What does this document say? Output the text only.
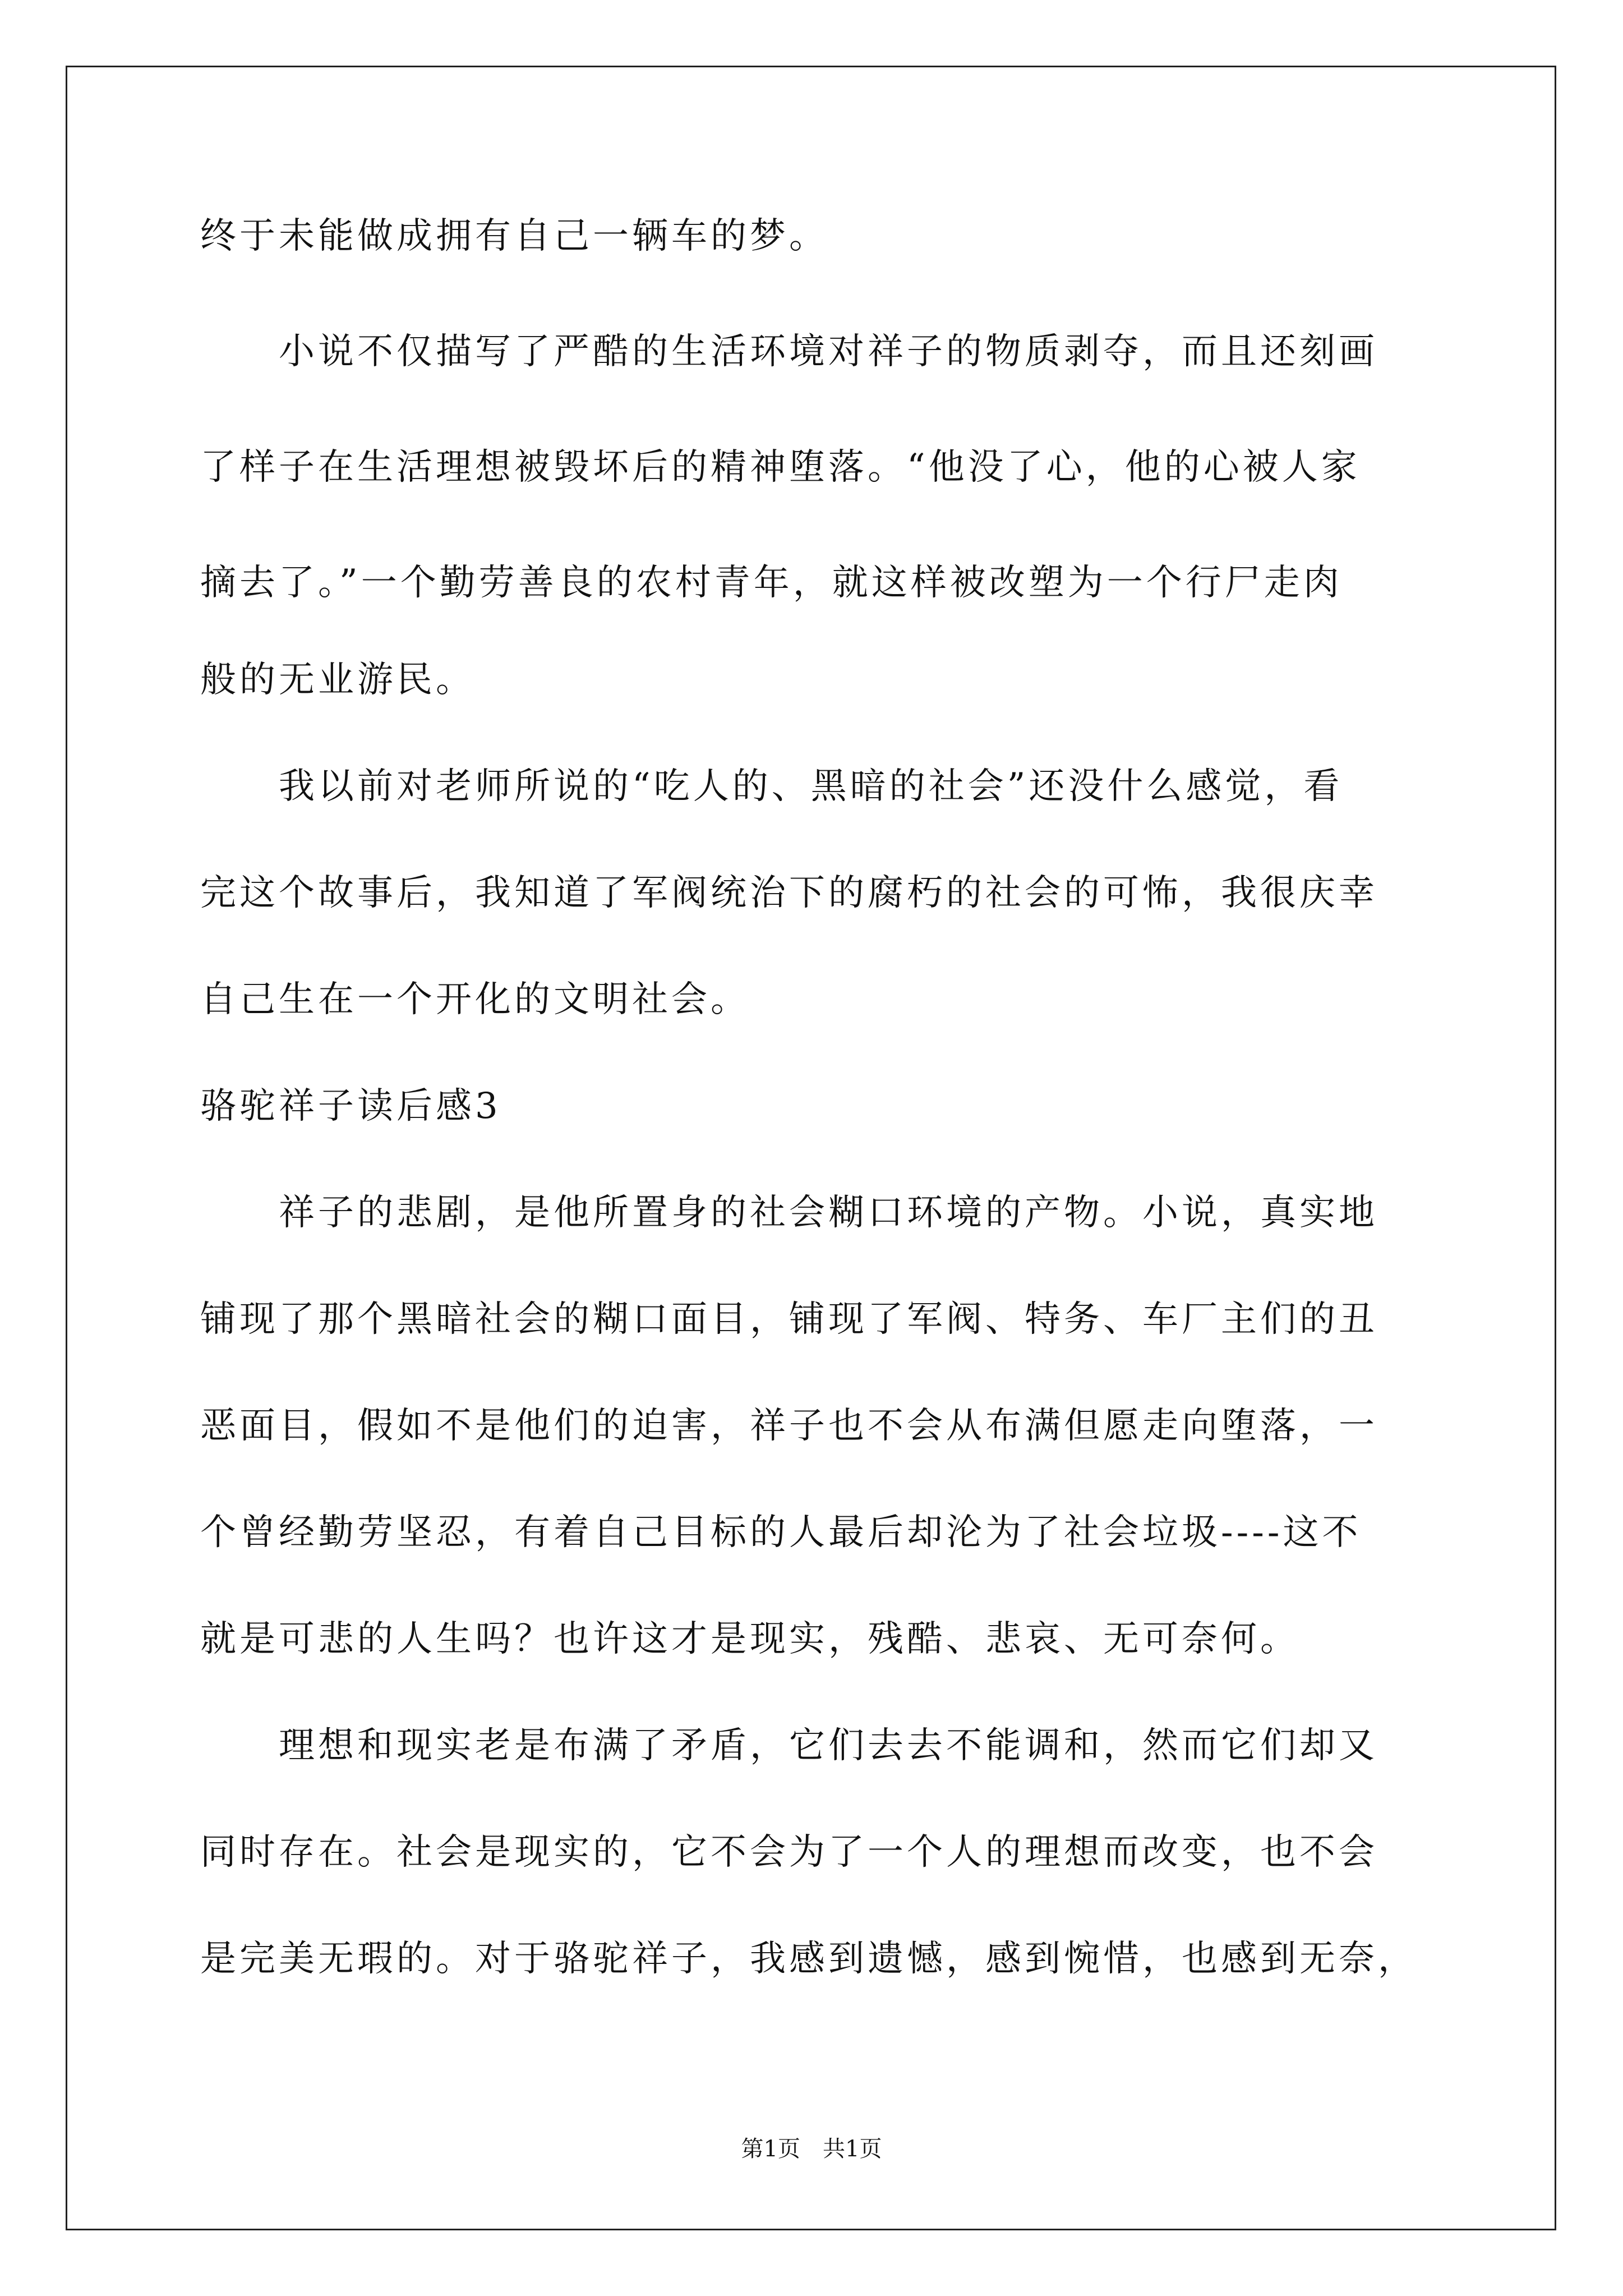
终于未能做成拥有自己一辆车的梦。
　　小说不仅描写了严酷的生活环境对祥子的物质剥夺，而且还刻画
了样子在生活理想被毁坏后的精神堕落。“他没了心，他的心被人家
摘去了。”一个勤劳善良的农村青年，就这样被改塑为一个行尸走肉
般的无业游民。
　　我以前对老师所说的“吃人的、黑暗的社会”还没什么感觉，看
完这个故事后，我知道了军阀统治下的腐朽的社会的可怖，我很庆幸
自己生在一个开化的文明社会。
骆驼祥子读后感3
　　祥子的悲剧，是他所置身的社会糊口环境的产物。小说，真实地
铺现了那个黑暗社会的糊口面目，铺现了军阀、特务、车厂主们的丑
恶面目，假如不是他们的迫害，祥子也不会从布满但愿走向堕落，一
个曾经勤劳坚忍，有着自己目标的人最后却沦为了社会垃圾----这不
就是可悲的人生吗？也许这才是现实，残酷、悲哀、无可奈何。
　　理想和现实老是布满了矛盾，它们去去不能调和，然而它们却又
同时存在。社会是现实的，它不会为了一个人的理想而改变，也不会
是完美无瑕的。对于骆驼祥子，我感到遗憾，感到惋惜，也感到无奈，
第1页　共1页
